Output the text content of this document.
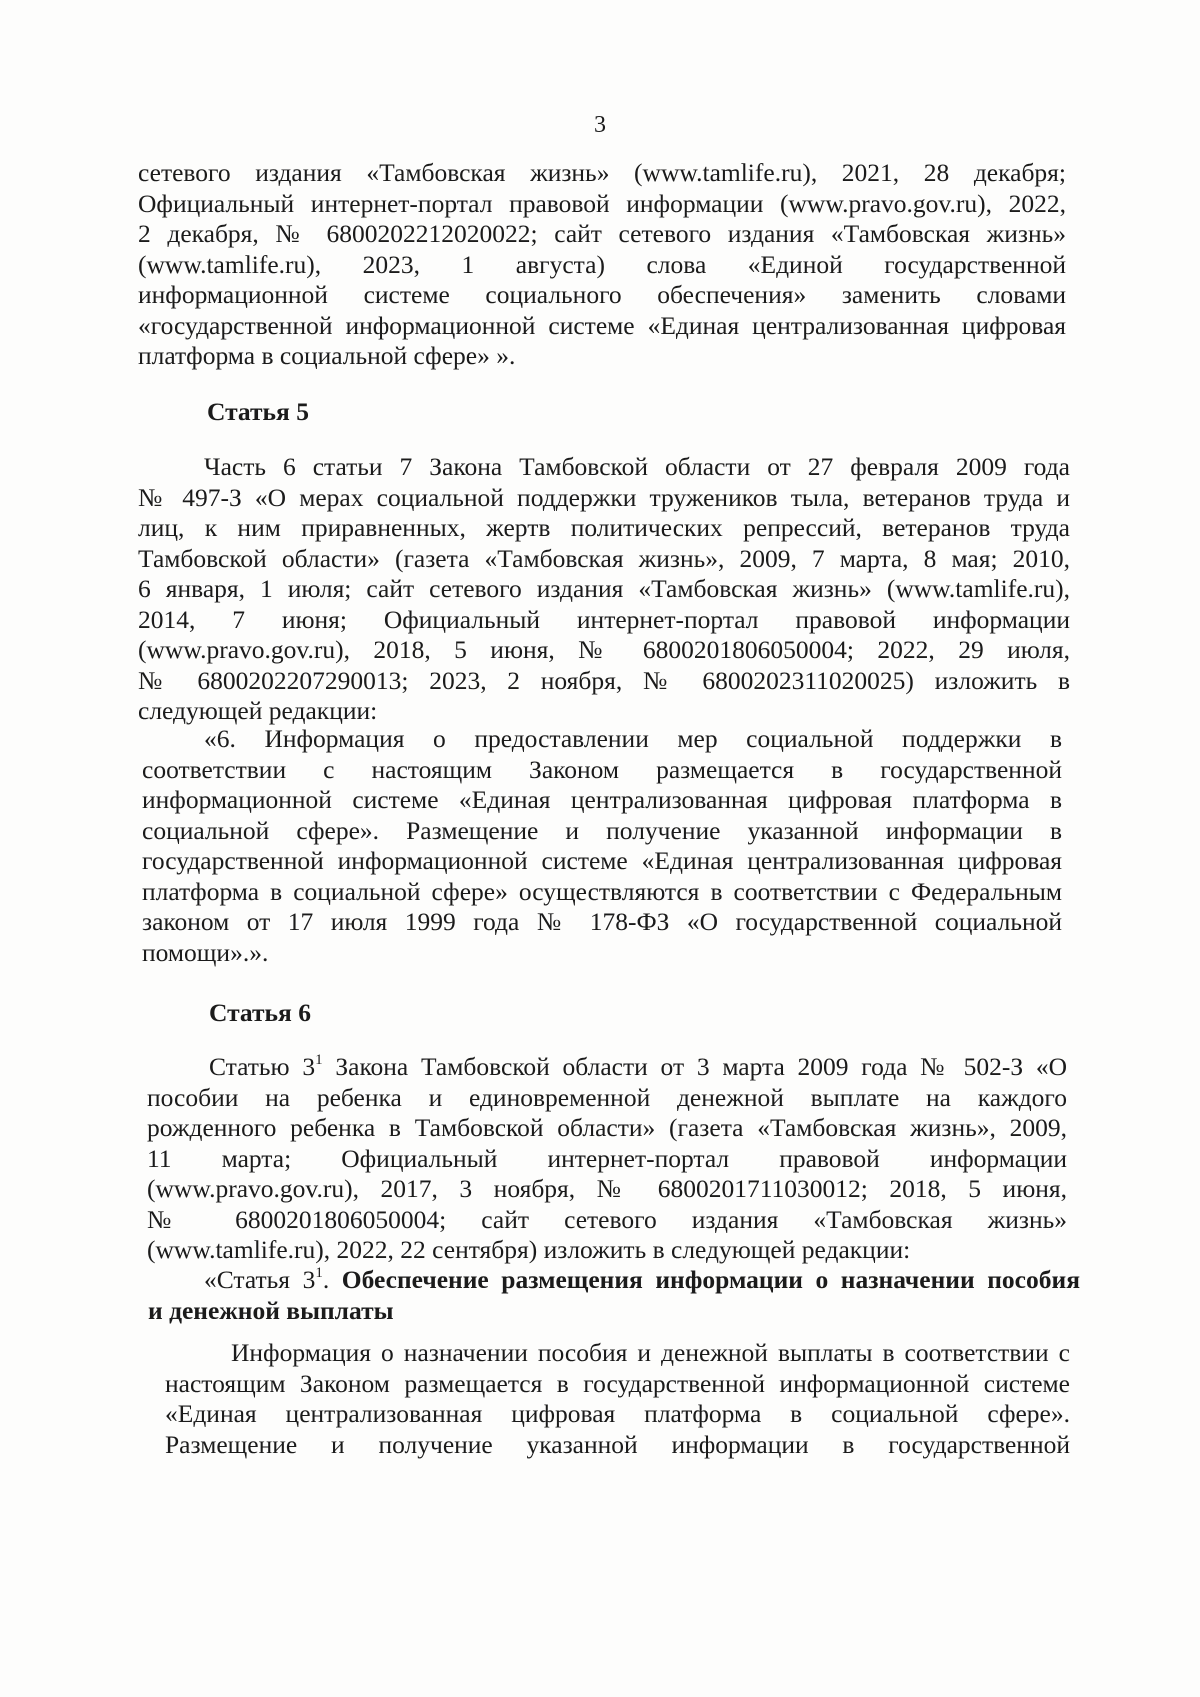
3
сетевого издания «Тамбовская жизнь» (www.tamlife.ru), 2021, 28 декабря;
Официальный интернет-портал правовой информации (www.pravo.gov.ru), 2022,
2 декабря, № 6800202212020022; сайт сетевого издания «Тамбовская жизнь»
(www.tamlife.ru), 2023, 1 августа) слова «Единой государственной
информационной системе социального обеспечения» заменить словами
«государственной информационной системе «Единая централизованная цифровая
платформа в социальной сфере» ».
Статья 5
Часть 6 статьи 7 Закона Тамбовской области от 27 февраля 2009 года
№ 497-З «О мерах социальной поддержки тружеников тыла, ветеранов труда и
лиц, к ним приравненных, жертв политических репрессий, ветеранов труда
Тамбовской области» (газета «Тамбовская жизнь», 2009, 7 марта, 8 мая; 2010,
6 января, 1 июля; сайт сетевого издания «Тамбовская жизнь» (www.tamlife.ru),
2014, 7 июня; Официальный интернет-портал правовой информации
(www.pravo.gov.ru), 2018, 5 июня, № 6800201806050004; 2022, 29 июля,
№ 6800202207290013; 2023, 2 ноября, № 6800202311020025) изложить в
следующей редакции:
«6. Информация о предоставлении мер социальной поддержки в
соответствии с настоящим Законом размещается в государственной
информационной системе «Единая централизованная цифровая платформа в
социальной сфере». Размещение и получение указанной информации в
государственной информационной системе «Единая централизованная цифровая
платформа в социальной сфере» осуществляются в соответствии с Федеральным
законом от 17 июля 1999 года № 178-ФЗ «О государственной социальной
помощи».».
Статья 6
Статью $3^1$ Закона Тамбовской области от 3 марта 2009 года № 502-З «О
пособии на ребенка и единовременной денежной выплате на каждого
рожденного ребенка в Тамбовской области» (газета «Тамбовская жизнь», 2009,
11 марта; Официальный интернет-портал правовой информации
(www.pravo.gov.ru), 2017, 3 ноября, № 6800201711030012; 2018, 5 июня,
№ 6800201806050004; сайт сетевого издания «Тамбовская жизнь»
(www.tamlife.ru), 2022, 22 сентября) изложить в следующей редакции:
«Статья $3^1$. Обеспечение размещения информации о назначении пособия
и денежной выплаты
Информация о назначении пособия и денежной выплаты в соответствии с
настоящим Законом размещается в государственной информационной системе
«Единая централизованная цифровая платформа в социальной сфере».
Размещение и получение указанной информации в государственной
